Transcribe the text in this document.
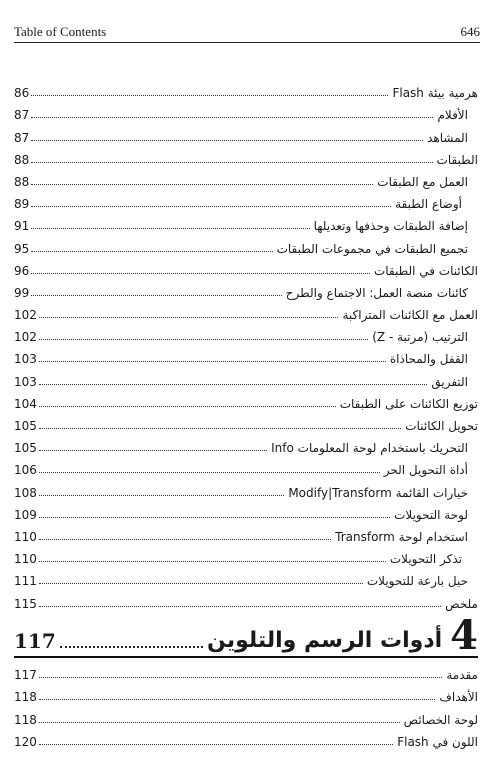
Table of Contents	646
هرمية بيئة Flash
86
الأفلام
87
المشاهد
87
الطبقات
88
العمل مع الطبقات
88
أوضاع الطبقة
89
إضافة الطبقات وحذفها وتعديلها
91
تجميع الطبقات في مجموعات الطبقات
95
الكائنات في الطبقات
96
كائنات منصة العمل: الاجتماع والطرح
99
العمل مع الكائنات المتراكبة
102
الترتيب (مرتبة - Z)
102
القفل والمحاذاة
103
التفريق
103
توزيع الكائنات على الطبقات
104
تحويل الكائنات
105
التحريك باستخدام لوحة المعلومات Info
105
أداة التحويل الحر
106
خيارات القائمة Modify|Transform
108
لوحة التحويلات
109
استخدام لوحة Transform
110
تذكر التحويلات
110
حيل بارعة للتحويلات
111
ملخص
115
4
أدوات الرسم والتلوين
117
مقدمة
117
الأهداف
118
لوحة الخصائص
118
اللون في Flash
120
